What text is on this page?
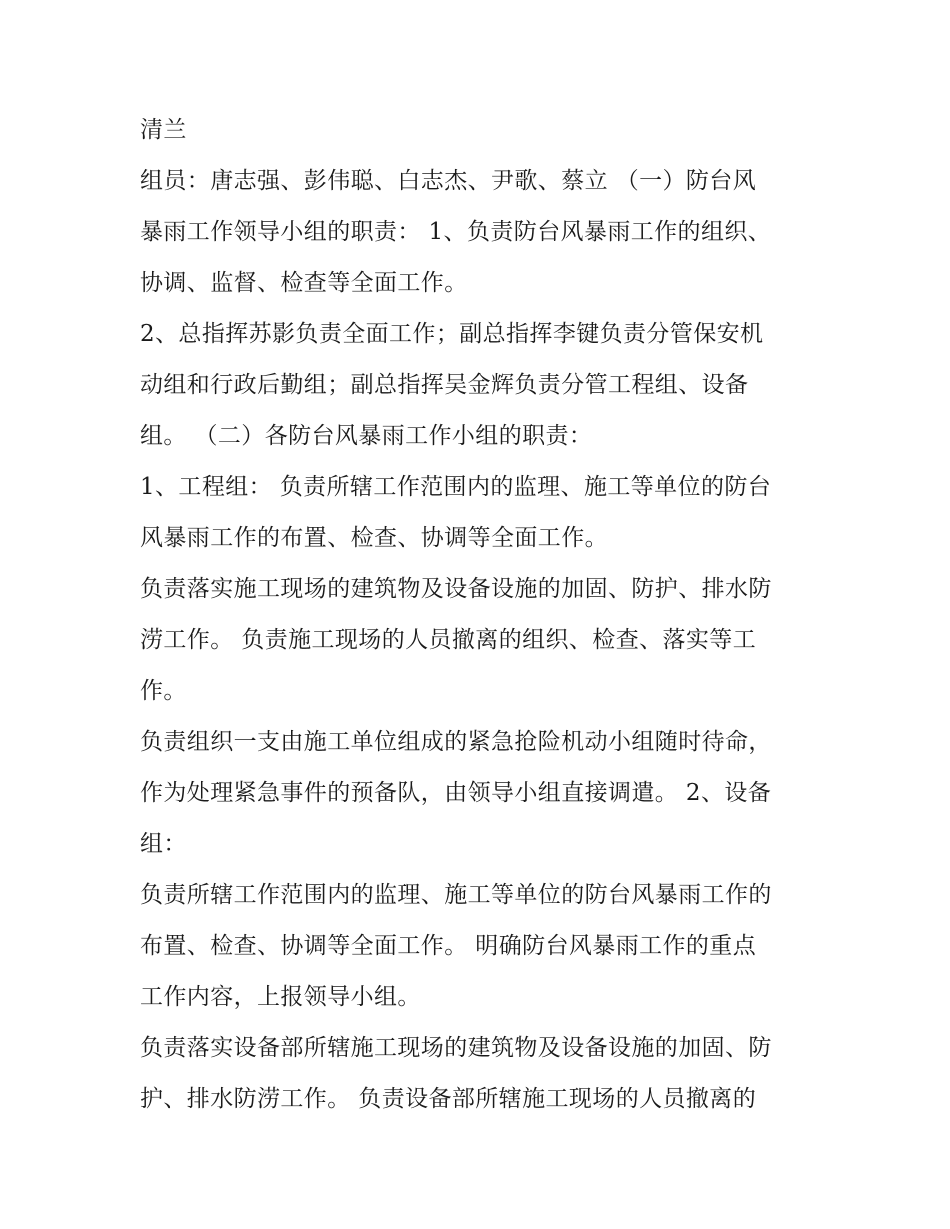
清兰
组员：唐志强、彭伟聪、白志杰、尹歌、蔡立 （一）防台风
暴雨工作领导小组的职责： 1、负责防台风暴雨工作的组织、
协调、监督、检查等全面工作。
2、总指挥苏影负责全面工作；副总指挥李键负责分管保安机
动组和行政后勤组；副总指挥吴金辉负责分管工程组、设备
组。 （二）各防台风暴雨工作小组的职责：
1、工程组： 负责所辖工作范围内的监理、施工等单位的防台
风暴雨工作的布置、检查、协调等全面工作。
负责落实施工现场的建筑物及设备设施的加固、防护、排水防
涝工作。 负责施工现场的人员撤离的组织、检查、落实等工
作。
负责组织一支由施工单位组成的紧急抢险机动小组随时待命，
作为处理紧急事件的预备队，由领导小组直接调遣。 2、设备
组：
负责所辖工作范围内的监理、施工等单位的防台风暴雨工作的
布置、检查、协调等全面工作。 明确防台风暴雨工作的重点
工作内容，上报领导小组。
负责落实设备部所辖施工现场的建筑物及设备设施的加固、防
护、排水防涝工作。 负责设备部所辖施工现场的人员撤离的
